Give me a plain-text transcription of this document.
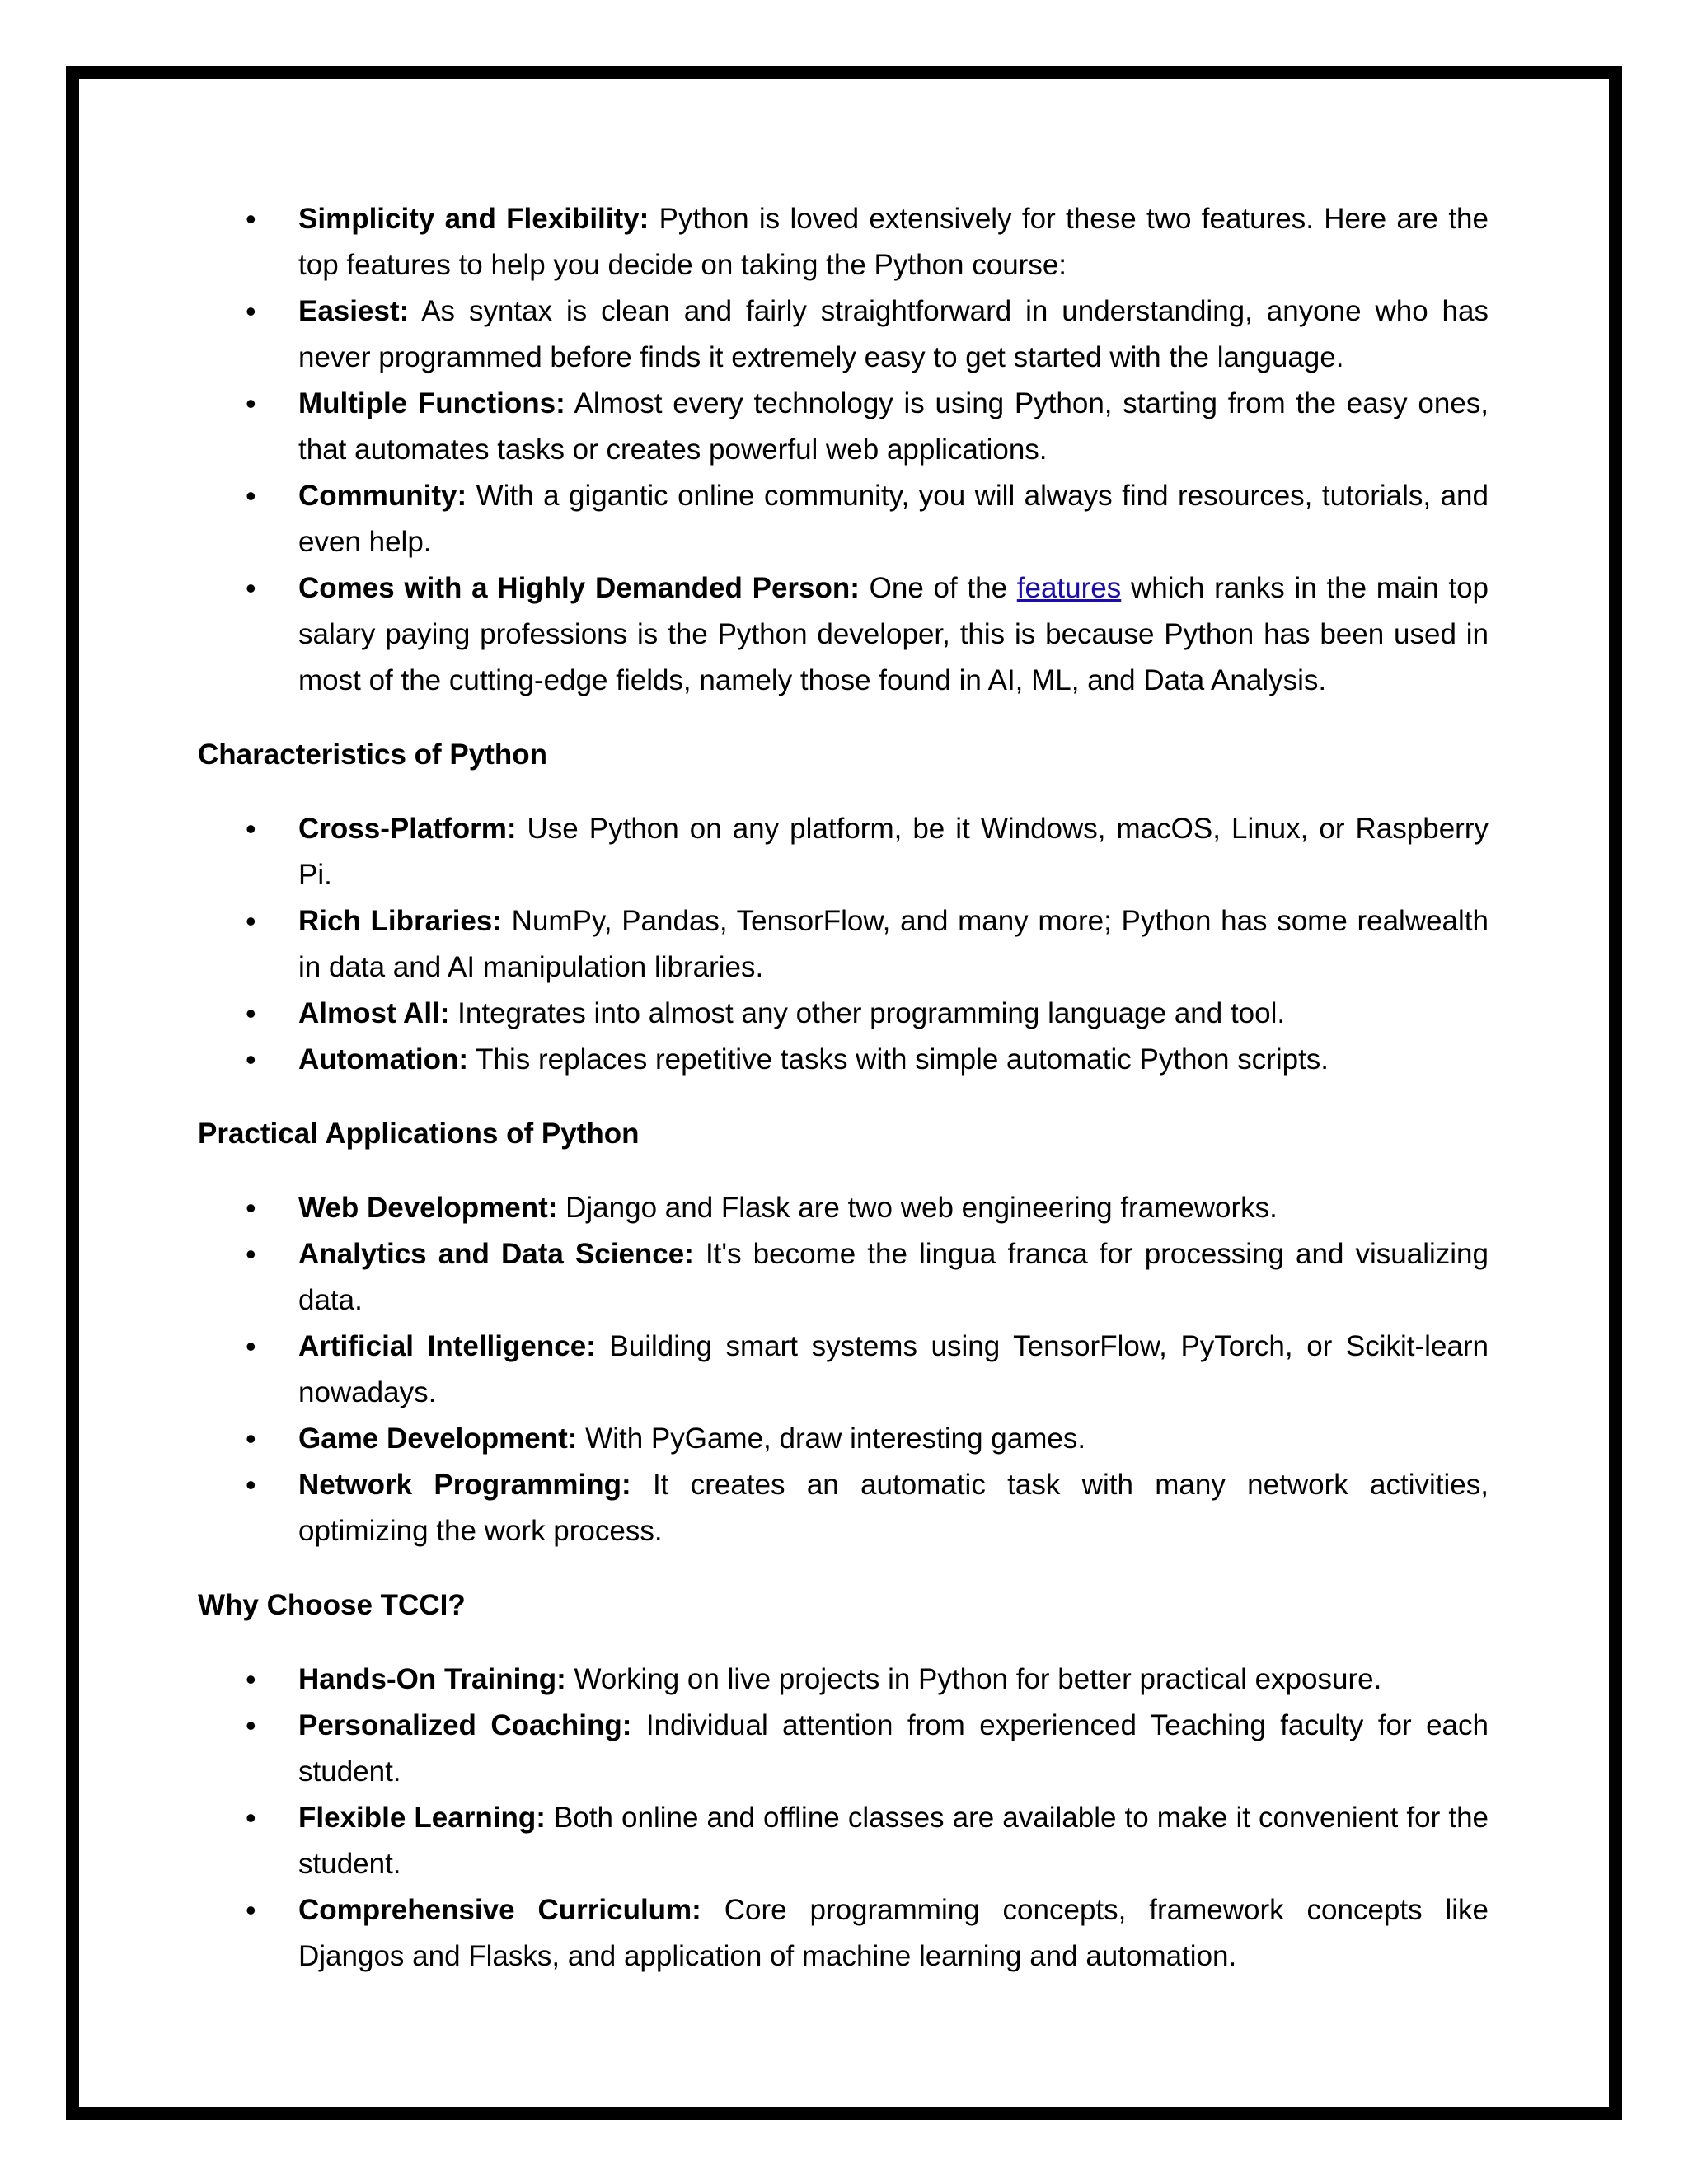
• Simplicity and Flexibility: Python is loved extensively for these two features. Here are the top features to help you decide on taking the Python course:
• Easiest: As syntax is clean and fairly straightforward in understanding, anyone who has never programmed before finds it extremely easy to get started with the language.
• Multiple Functions: Almost every technology is using Python, starting from the easy ones, that automates tasks or creates powerful web applications.
• Community: With a gigantic online community, you will always find resources, tutorials, and even help.
• Comes with a Highly Demanded Person: One of the features which ranks in the main top salary paying professions is the Python developer, this is because Python has been used in most of the cutting-edge fields, namely those found in AI, ML, and Data Analysis.
Characteristics of Python
• Cross-Platform: Use Python on any platform, be it Windows, macOS, Linux, or Raspberry Pi.
• Rich Libraries: NumPy, Pandas, TensorFlow, and many more; Python has some realwealth in data and AI manipulation libraries.
• Almost All: Integrates into almost any other programming language and tool.
• Automation: This replaces repetitive tasks with simple automatic Python scripts.
Practical Applications of Python
• Web Development: Django and Flask are two web engineering frameworks.
• Analytics and Data Science: It's become the lingua franca for processing and visualizing data.
• Artificial Intelligence: Building smart systems using TensorFlow, PyTorch, or Scikit-learn nowadays.
• Game Development: With PyGame, draw interesting games.
• Network Programming: It creates an automatic task with many network activities, optimizing the work process.
Why Choose TCCI?
• Hands-On Training: Working on live projects in Python for better practical exposure.
• Personalized Coaching: Individual attention from experienced Teaching faculty for each student.
• Flexible Learning: Both online and offline classes are available to make it convenient for the student.
• Comprehensive Curriculum: Core programming concepts, framework concepts like Djangos and Flasks, and application of machine learning and automation.
